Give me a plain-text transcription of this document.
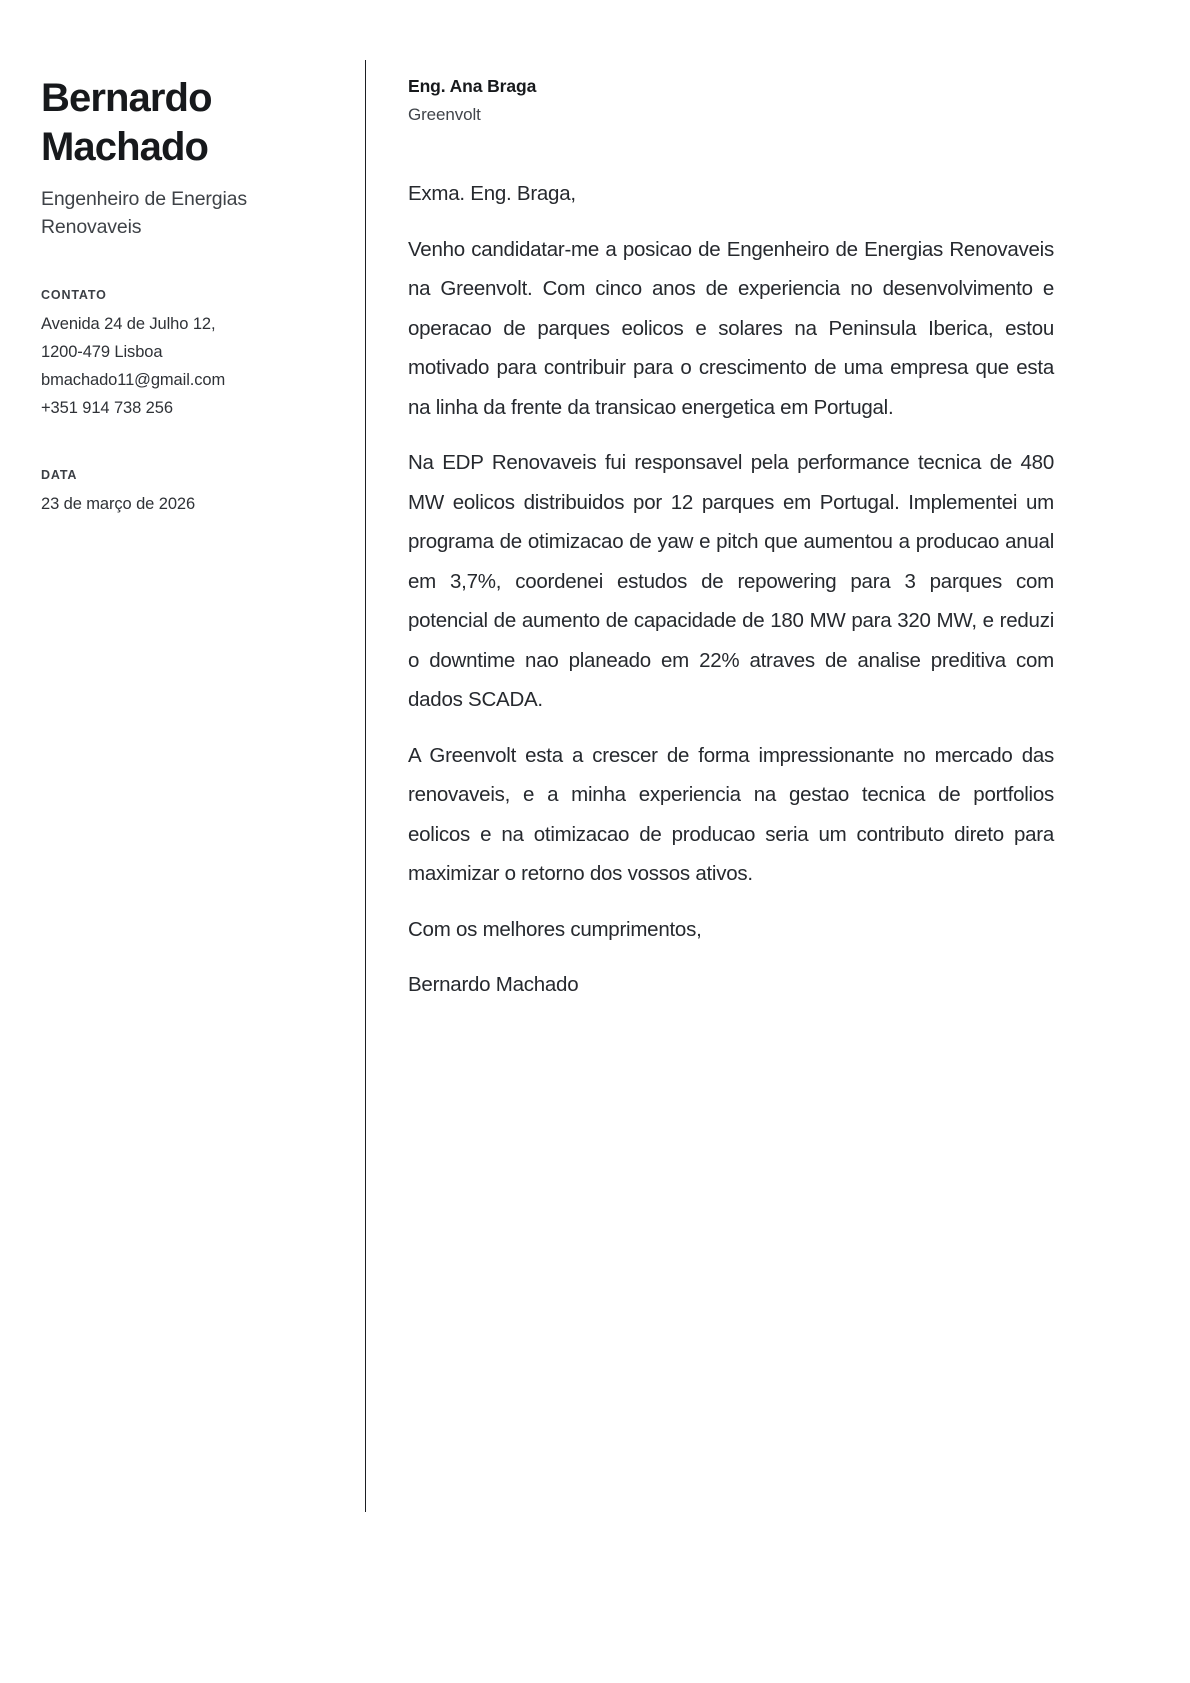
Bernardo Machado
Engenheiro de Energias Renovaveis
CONTATO
Avenida 24 de Julho 12,
1200-479 Lisboa
bmachado11@gmail.com
+351 914 738 256
DATA
23 de março de 2026
Eng. Ana Braga
Greenvolt

Exma. Eng. Braga,

Venho candidatar-me a posicao de Engenheiro de Energias Renovaveis na Greenvolt. Com cinco anos de experiencia no desenvolvimento e operacao de parques eolicos e solares na Peninsula Iberica, estou motivado para contribuir para o crescimento de uma empresa que esta na linha da frente da transicao energetica em Portugal.

Na EDP Renovaveis fui responsavel pela performance tecnica de 480 MW eolicos distribuidos por 12 parques em Portugal. Implementei um programa de otimizacao de yaw e pitch que aumentou a producao anual em 3,7%, coordenei estudos de repowering para 3 parques com potencial de aumento de capacidade de 180 MW para 320 MW, e reduzi o downtime nao planeado em 22% atraves de analise preditiva com dados SCADA.

A Greenvolt esta a crescer de forma impressionante no mercado das renovaveis, e a minha experiencia na gestao tecnica de portfolios eolicos e na otimizacao de producao seria um contributo direto para maximizar o retorno dos vossos ativos.

Com os melhores cumprimentos,

Bernardo Machado
